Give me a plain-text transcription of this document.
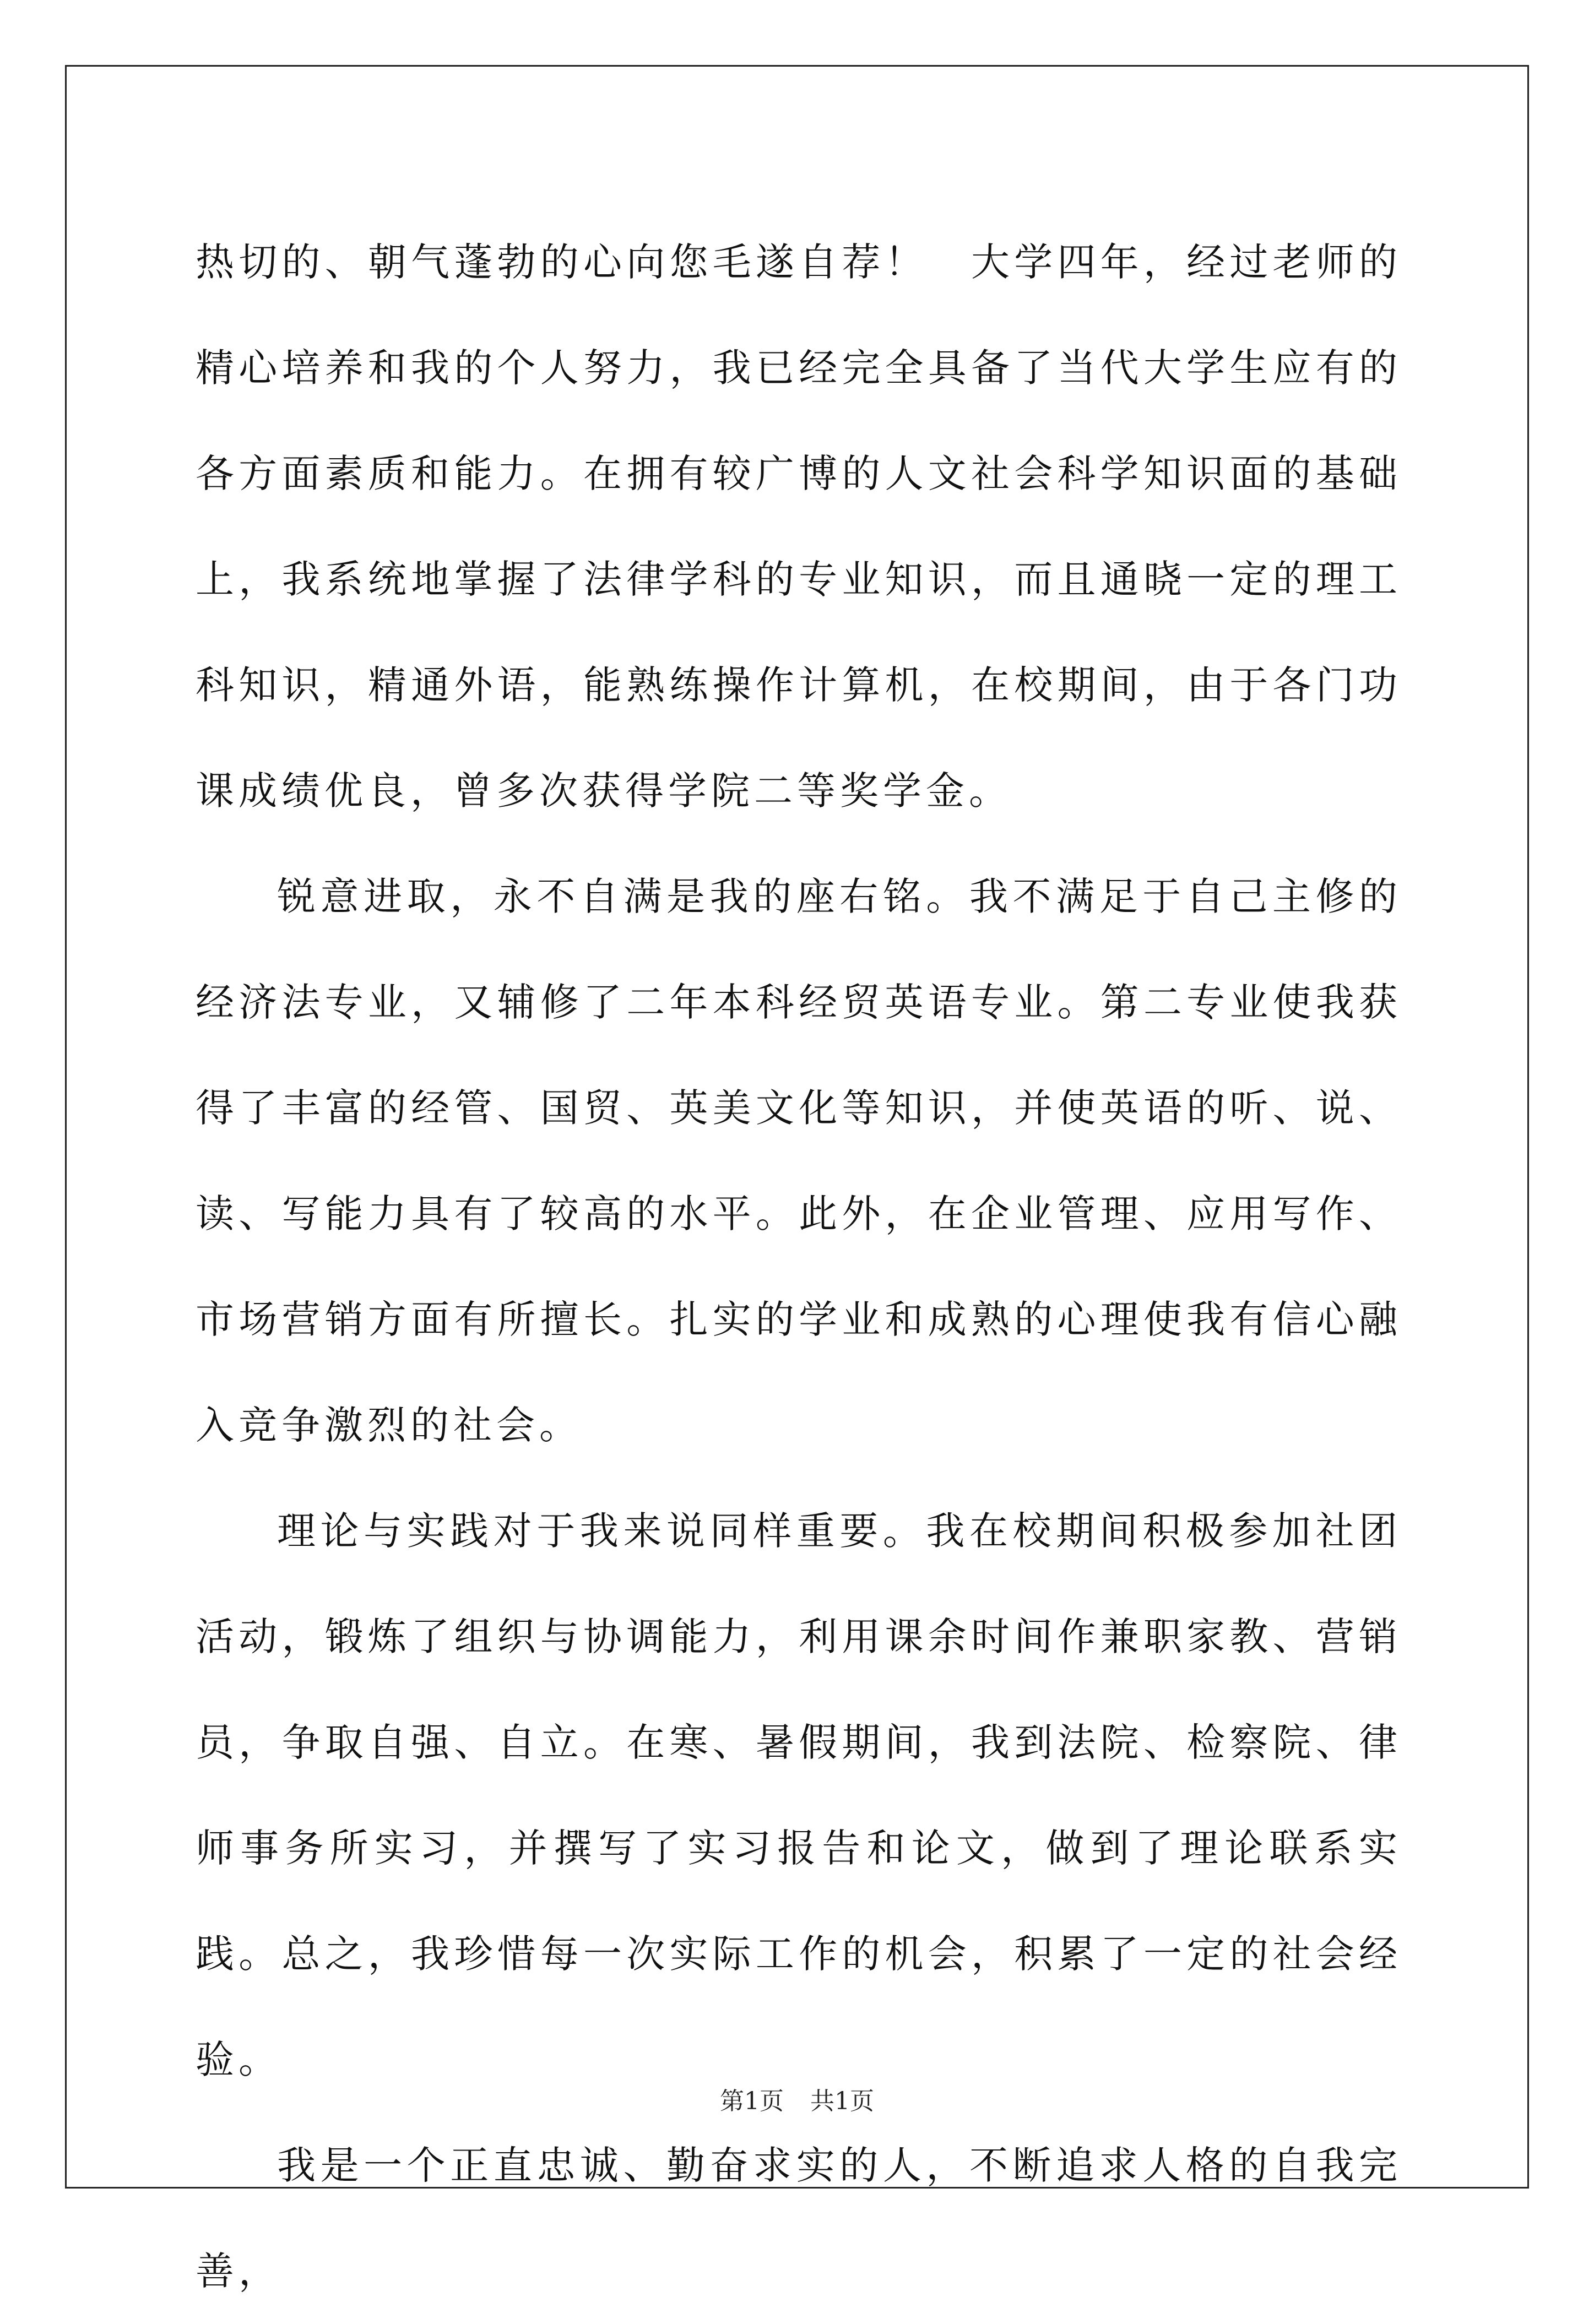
热切的、朝气蓬勃的心向您毛遂自荐！　大学四年，经过老师的精心培养和我的个人努力，我已经完全具备了当代大学生应有的各方面素质和能力。在拥有较广博的人文社会科学知识面的基础上，我系统地掌握了法律学科的专业知识，而且通晓一定的理工科知识，精通外语，能熟练操作计算机，在校期间，由于各门功课成绩优良，曾多次获得学院二等奖学金。

锐意进取，永不自满是我的座右铭。我不满足于自己主修的经济法专业，又辅修了二年本科经贸英语专业。第二专业使我获得了丰富的经管、国贸、英美文化等知识，并使英语的听、说、读、写能力具有了较高的水平。此外，在企业管理、应用写作、市场营销方面有所擅长。扎实的学业和成熟的心理使我有信心融入竞争激烈的社会。

理论与实践对于我来说同样重要。我在校期间积极参加社团活动，锻炼了组织与协调能力，利用课余时间作兼职家教、营销员，争取自强、自立。在寒、暑假期间，我到法院、检察院、律师事务所实习，并撰写了实习报告和论文，做到了理论联系实践。总之，我珍惜每一次实际工作的机会，积累了一定的社会经验。

我是一个正直忠诚、勤奋求实的人，不断追求人格的自我完善，

第1页 共1页
